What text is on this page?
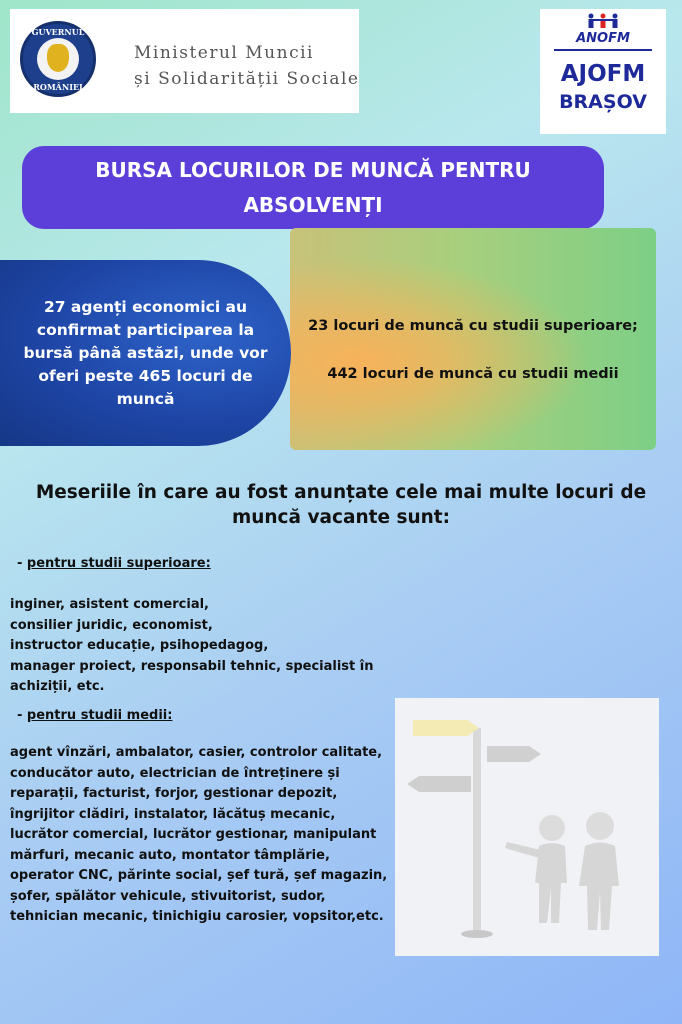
GUVERNUL
ROMÂNIEI
Ministerul Muncii
și Solidarității Sociale
ANOFM
AJOFM
BRAȘOV
BURSA LOCURILOR DE MUNCĂ PENTRU ABSOLVENȚI
23 locuri de muncă cu studii superioare;
442 locuri de muncă cu studii medii
27 agenți economici au confirmat participarea la bursă până astăzi, unde vor oferi peste 465 locuri de muncă
Meseriile în care au fost anunțate cele mai multe locuri de muncă vacante sunt:
- pentru studii superioare:
inginer, asistent comercial,
consilier juridic, economist,
instructor educație, psihopedagog,
manager proiect, responsabil tehnic, specialist în achiziții, etc.
- pentru studii medii:
agent vînzări, ambalator, casier, controlor calitate, conducător auto, electrician de întreținere și reparații, facturist, forjor, gestionar depozit, îngrijitor clădiri, instalator, lăcătuș mecanic, lucrător comercial, lucrător gestionar, manipulant mărfuri, mecanic auto, montator tâmplărie, operator CNC, părinte social, șef tură, șef magazin, șofer, spălător vehicule, stivuitorist, sudor, tehnician mecanic, tinichigiu carosier, vopsitor,etc.
